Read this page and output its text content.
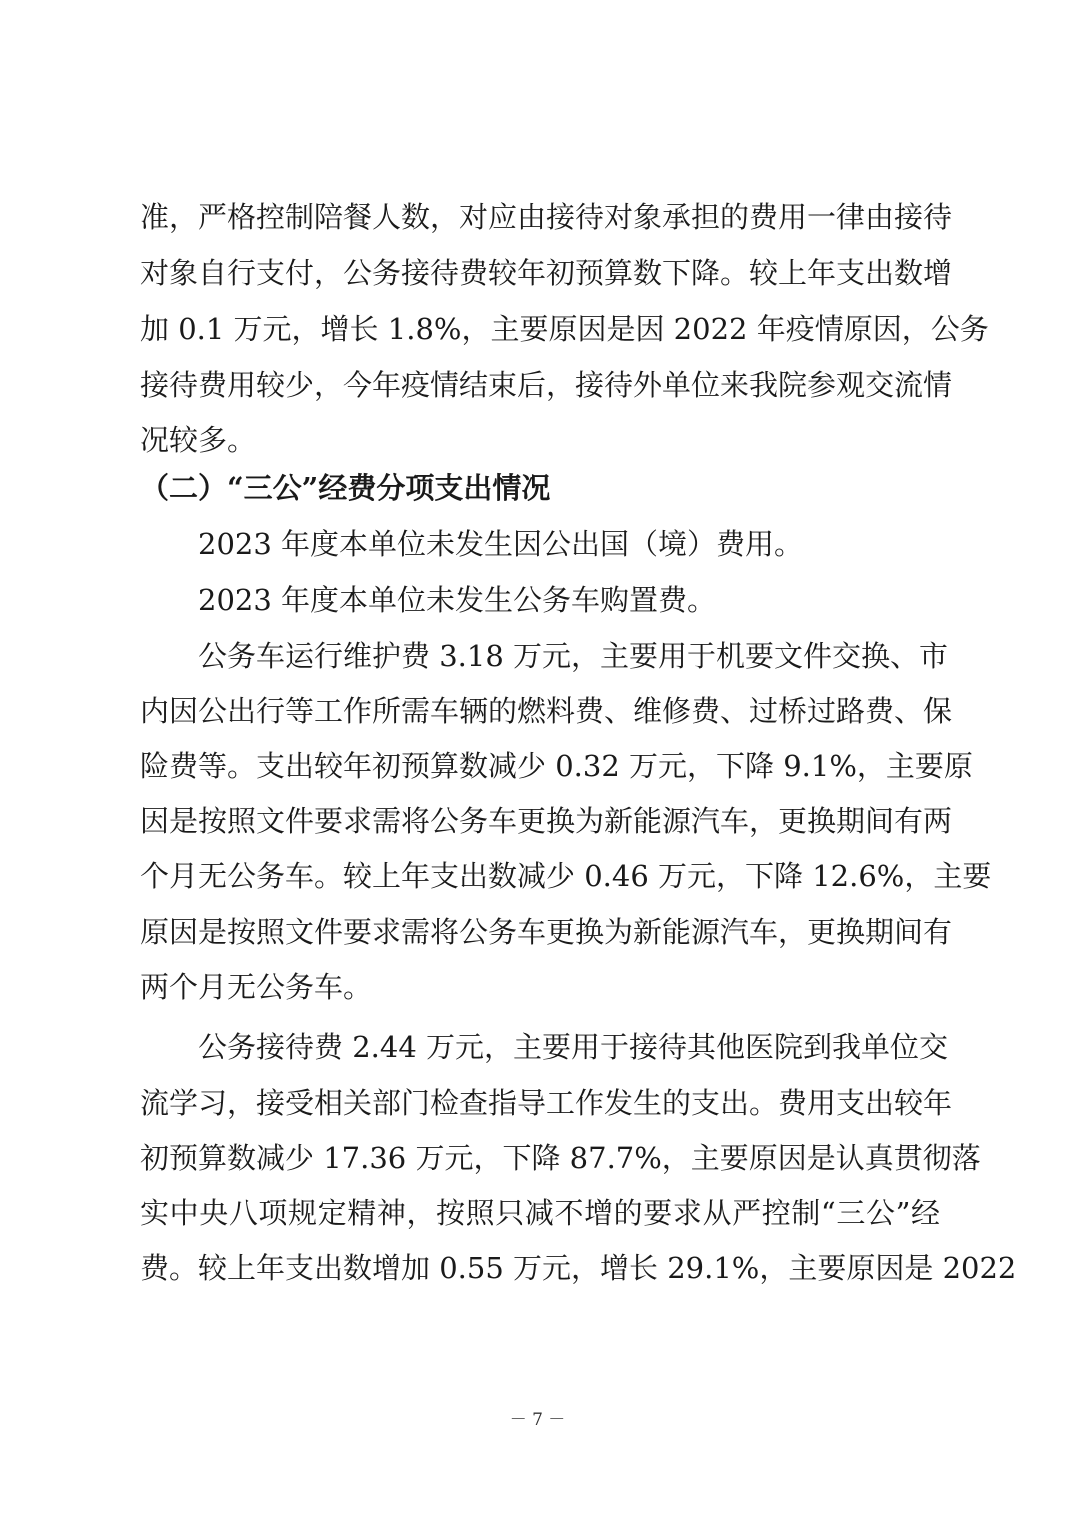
准，严格控制陪餐人数，对应由接待对象承担的费用一律由接待
对象自行支付，公务接待费较年初预算数下降。较上年支出数增
加 0.1 万元，增长 1.8%，主要原因是因 2022 年疫情原因，公务
接待费用较少，今年疫情结束后，接待外单位来我院参观交流情
况较多。
（二）“三公”经费分项支出情况
2023 年度本单位未发生因公出国（境）费用。
2023 年度本单位未发生公务车购置费。
公务车运行维护费 3.18 万元，主要用于机要文件交换、市
内因公出行等工作所需车辆的燃料费、维修费、过桥过路费、保
险费等。支出较年初预算数减少 0.32 万元，下降 9.1%，主要原
因是按照文件要求需将公务车更换为新能源汽车，更换期间有两
个月无公务车。较上年支出数减少 0.46 万元，下降 12.6%，主要
原因是按照文件要求需将公务车更换为新能源汽车，更换期间有
两个月无公务车。
公务接待费 2.44 万元，主要用于接待其他医院到我单位交
流学习，接受相关部门检查指导工作发生的支出。费用支出较年
初预算数减少 17.36 万元，下降 87.7%，主要原因是认真贯彻落
实中央八项规定精神，按照只减不增的要求从严控制“三公”经
费。较上年支出数增加 0.55 万元，增长 29.1%，主要原因是 2022
－ 7 －
